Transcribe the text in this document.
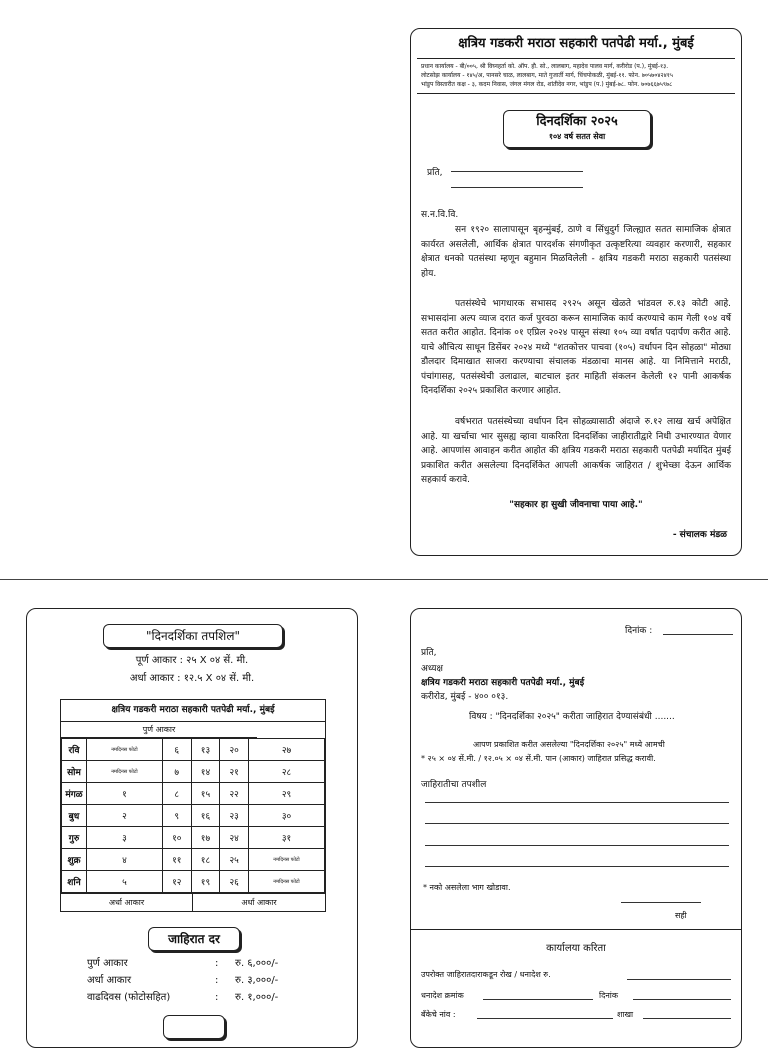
क्षत्रिय गडकरी मराठा सहकारी पतपेढी मर्या., मुंबई
प्रधान कार्यालय - बी/००५, श्री विघ्नहर्ता को. ऑप. हौ. सो., लालबाग, महादेव पालव मार्ग, करीरोड (प.), मुंबई-१३.
लोटसोझ कार्यालय - १४५/अ, पानसरे चाळ, लालबाग, माते गुजार्ती मार्ग, चिंचपोकळी, मुंबई-११. फोन. ७०५७०४२४१५
भांडुप विस्तारीत कक्ष - ३, कदम निवास, जंगल मंगल रोड, शांतीदेव नगर, भांडुप (प.) मुंबई-७८. फोन. ७०७६६७५९७८
दिनदर्शिका २०२५
१०४ वर्ष सतत सेवा
प्रति,
स.न.वि.वि.
सन १९२० सालापासून बृहन्मुंबई, ठाणे व सिंधुदुर्ग जिल्ह्यात सतत सामाजिक क्षेत्रात कार्यरत असलेली, आर्थिक क्षेत्रात पारदर्शक संगणीकृत उत्कृष्टरित्या व्यवहार करणारी, सहकार क्षेत्रात धनको पतसंस्था म्हणून बहुमान मिळविलेली - क्षत्रिय गडकरी मराठा सहकारी पतसंस्था होय.
पतसंस्थेचे भागधारक सभासद २९२५ असून खेळते भांडवल रु.१३ कोटी आहे. सभासदांना अल्प व्याज दरात कर्ज पुरवठा करून सामाजिक कार्य करण्याचे काम गेली १०४ वर्षे सतत करीत आहोत. दिनांक ०१ एप्रिल २०२४ पासून संस्था १०५ व्या वर्षात पदार्पण करीत आहे. याचे औचित्य साधून डिसेंबर २०२४ मध्ये "शतकोत्तर पाचवा (१०५) वर्धापन दिन सोहळा" मोठ्या डौलदार दिमाखात साजरा करण्याचा संचालक मंडळाचा मानस आहे. या निमित्ताने मराठी, पंचांगासह, पतसंस्थेची उलाढाल, बाटचाल इतर माहिती संकलन केलेली १२ पानी आकर्षक दिनदर्शिका २०२५ प्रकाशित करणार आहोत.
वर्षभरात पतसंस्थेच्या वर्धापन दिन सोहळ्यासाठी अंदाजे रु.१२ लाख खर्च अपेक्षित आहे. या खर्चाचा भार सुसह्य व्हावा याकरिता दिनदर्शिका जाहीरातीद्वारे निधी उभारण्यात येणार आहे. आपणांस आवाहन करीत आहोत की क्षत्रिय गडकरी मराठा सहकारी पतपेढी मर्यादित मुंबई प्रकाशित करीत असलेल्या दिनदर्शिकेत आपली आकर्षक जाहिरात / शुभेच्छा देऊन आर्थिक सहकार्य करावे.
"सहकार हा सुखी जीवनाचा पाया आहे."
- संचालक मंडळ
"दिनदर्शिका तपशिल"
पूर्ण आकार : २५ X ०४ सें. मी.
अर्धा आकार : १२.५ X ०४ सें. मी.
क्षत्रिय गडकरी मराठा सहकारी पतपेढी मर्या., मुंबई
पुर्ण आकार
रवि	नमदिनस फोटो	६	१३	२०	२७
सोम	नमदिनस फोटो	७	१४	२१	२८
मंगळ	१	८	१५	२२	२९
बुध	२	९	१६	२३	३०
गुरु	३	१०	१७	२४	३१
शुक्र	४	११	१८	२५	नमदिनस फोटो
शनि	५	१२	१९	२६	नमदिनस फोटो
अर्धा आकार	अर्धा आकार
जाहिरात दर
पुर्ण आकार	: रु. ६,०००/-
अर्धा आकार	: रु. ३,०००/-
वाढदिवस (फोटोसहित)	: रु. १,०००/-
दिनांक :
प्रति,
अध्यक्ष
क्षत्रिय गडकरी मराठा सहकारी पतपेढी मर्या., मुंबई
करीरोड, मुंबई - ४०० ०१३.
विषय : "दिनदर्शिका २०२५" करीता जाहिरात देण्यासंबंधी .......
आपण प्रकाशित करीत असलेल्या "दिनदर्शिका २०२५" मध्ये आमची
* २५ × ०४ सें.मी. / १२.०५ × ०४ सें.मी. पान (आकार) जाहिरात प्रसिद्ध करावी.
जाहिरातीचा तपशील
* नको असलेला भाग खोडावा.
सही
कार्यालया करिता
उपरोक्त जाहिरातदाराकडून रोख / धनादेश रु.
धनादेश क्रमांक	दिनांक
बँकेचे नांव :	शाखा
